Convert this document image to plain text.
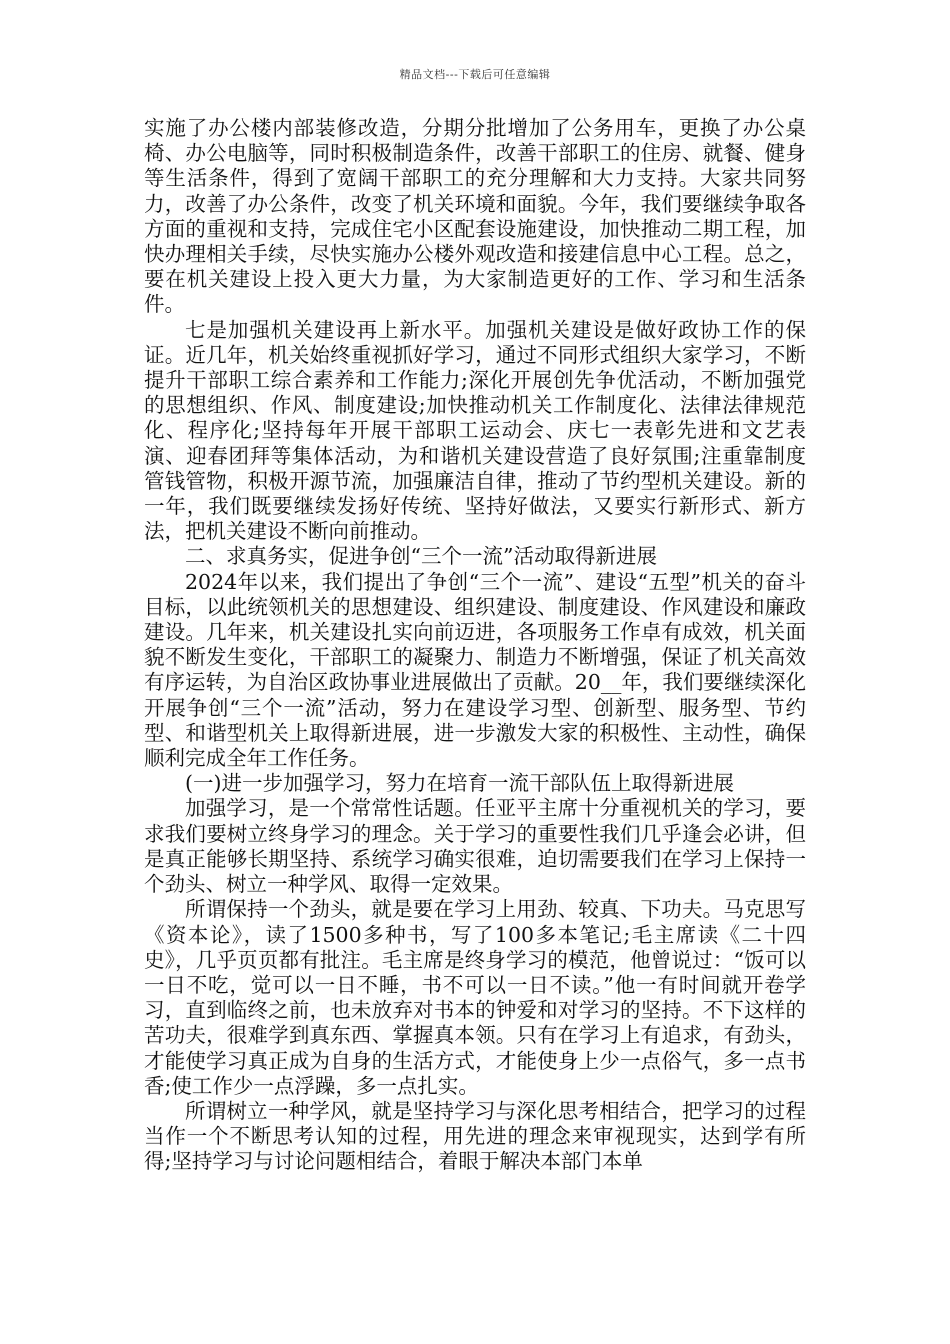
精品文档---下载后可任意编辑

实施了办公楼内部装修改造，分期分批增加了公务用车，更换了办公桌椅、办公电脑等，同时积极制造条件，改善干部职工的住房、就餐、健身等生活条件，得到了宽阔干部职工的充分理解和大力支持。大家共同努力，改善了办公条件，改变了机关环境和面貌。今年，我们要继续争取各方面的重视和支持，完成住宅小区配套设施建设，加快推动二期工程，加快办理相关手续，尽快实施办公楼外观改造和接建信息中心工程。总之，要在机关建设上投入更大力量，为大家制造更好的工作、学习和生活条件。

七是加强机关建设再上新水平。加强机关建设是做好政协工作的保证。近几年，机关始终重视抓好学习，通过不同形式组织大家学习，不断提升干部职工综合素养和工作能力;深化开展创先争优活动，不断加强党的思想组织、作风、制度建设;加快推动机关工作制度化、法律法律规范化、程序化;坚持每年开展干部职工运动会、庆七一表彰先进和文艺表演、迎春团拜等集体活动，为和谐机关建设营造了良好氛围;注重靠制度管钱管物，积极开源节流，加强廉洁自律，推动了节约型机关建设。新的一年，我们既要继续发扬好传统、坚持好做法，又要实行新形式、新方法，把机关建设不断向前推动。

二、求真务实，促进争创“三个一流”活动取得新进展

2024年以来，我们提出了争创“三个一流”、建设“五型”机关的奋斗目标，以此统领机关的思想建设、组织建设、制度建设、作风建设和廉政建设。几年来，机关建设扎实向前迈进，各项服务工作卓有成效，机关面貌不断发生变化，干部职工的凝聚力、制造力不断增强，保证了机关高效有序运转，为自治区政协事业进展做出了贡献。20__年，我们要继续深化开展争创“三个一流”活动，努力在建设学习型、创新型、服务型、节约型、和谐型机关上取得新进展，进一步激发大家的积极性、主动性，确保顺利完成全年工作任务。

(一)进一步加强学习，努力在培育一流干部队伍上取得新进展

加强学习，是一个常常性话题。任亚平主席十分重视机关的学习，要求我们要树立终身学习的理念。关于学习的重要性我们几乎逢会必讲，但是真正能够长期坚持、系统学习确实很难，迫切需要我们在学习上保持一个劲头、树立一种学风、取得一定效果。

所谓保持一个劲头，就是要在学习上用劲、较真、下功夫。马克思写《资本论》，读了1500多种书，写了100多本笔记;毛主席读《二十四史》，几乎页页都有批注。毛主席是终身学习的模范，他曾说过：“饭可以一日不吃，觉可以一日不睡，书不可以一日不读。”他一有时间就开卷学习，直到临终之前，也未放弃对书本的钟爱和对学习的坚持。不下这样的苦功夫，很难学到真东西、掌握真本领。只有在学习上有追求，有劲头，才能使学习真正成为自身的生活方式，才能使身上少一点俗气，多一点书香;使工作少一点浮躁，多一点扎实。

所谓树立一种学风，就是坚持学习与深化思考相结合，把学习的过程当作一个不断思考认知的过程，用先进的理念来审视现实，达到学有所得;坚持学习与讨论问题相结合，着眼于解决本部门本单
